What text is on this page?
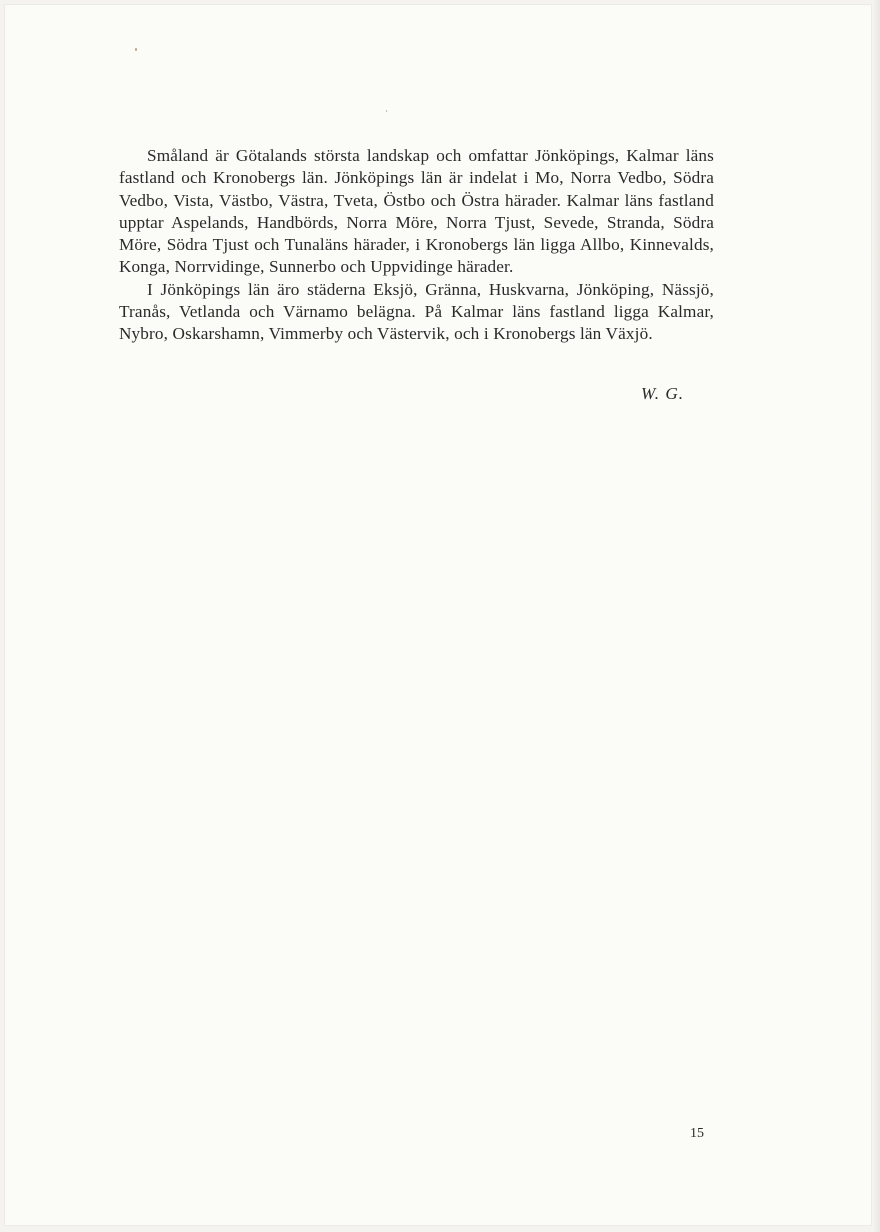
Småland är Götalands största landskap och omfattar Jönköpings, Kalmar läns fastland och Kronobergs län. Jönköpings län är indelat i Mo, Norra Vedbo, Södra Vedbo, Vista, Västbo, Västra, Tveta, Östbo och Östra härader. Kalmar läns fastland upptar Aspelands, Handbörds, Norra Möre, Norra Tjust, Sevede, Stranda, Södra Möre, Södra Tjust och Tunaläns härader, i Kronobergs län ligga Allbo, Kinnevalds, Konga, Norrvidinge, Sunnerbo och Uppvidinge härader.

I Jönköpings län äro städerna Eksjö, Gränna, Huskvarna, Jönköping, Nässjö, Tranås, Vetlanda och Värnamo belägna. På Kalmar läns fastland ligga Kalmar, Nybro, Oskarshamn, Vimmerby och Västervik, och i Kronobergs län Växjö.

W. G.
15
